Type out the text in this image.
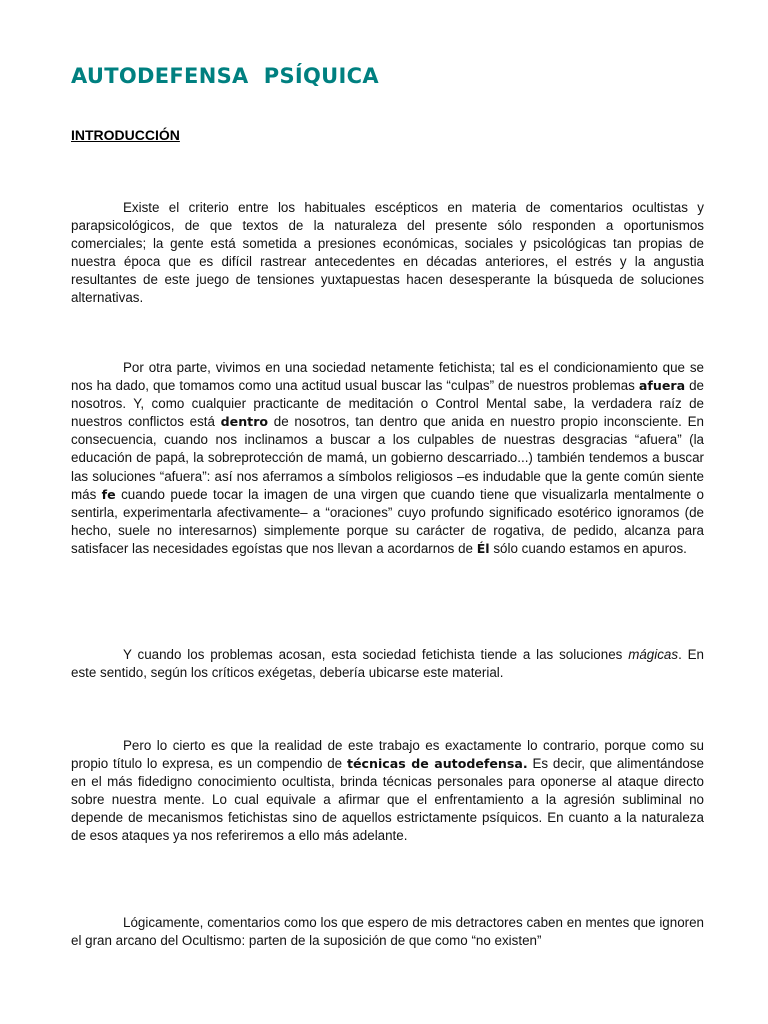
AUTODEFENSA  PSÍQUICA
INTRODUCCIÓN

Existe el criterio entre los habituales escépticos en materia de comentarios ocultistas y parapsicológicos, de que textos de la naturaleza del presente sólo responden a oportunismos comerciales; la gente está sometida a presiones económicas, sociales y psicológicas tan propias de nuestra época que es difícil rastrear antecedentes en décadas anteriores, el estrés y la angustia resultantes de este juego de tensiones yuxtapuestas hacen desesperante la búsqueda de soluciones alternativas.

Por otra parte, vivimos en una sociedad netamente fetichista; tal es el condicionamiento que se nos ha dado, que tomamos como una actitud usual buscar las “culpas” de nuestros problemas afuera de nosotros. Y, como cualquier practicante de meditación o Control Mental sabe, la verdadera raíz de nuestros conflictos está dentro de nosotros, tan dentro que anida en nuestro propio inconsciente. En consecuencia, cuando nos inclinamos a buscar a los culpables de nuestras desgracias “afuera” (la educación de papá, la sobreprotección de mamá, un gobierno descarriado...) también tendemos a buscar las soluciones “afuera”: así nos aferramos a símbolos religiosos –es indudable que la gente común siente más fe cuando puede tocar la imagen de una virgen que cuando tiene que visualizarla mentalmente o sentirla, experimentarla afectivamente– a “oraciones” cuyo profundo significado esotérico ignoramos (de hecho, suele no interesarnos) simplemente porque su carácter de rogativa, de pedido, alcanza para satisfacer las necesidades egoístas que nos llevan a acordarnos de Él sólo cuando estamos en apuros.

Y cuando los problemas acosan, esta sociedad fetichista tiende a las soluciones mágicas. En este sentido, según los críticos exégetas, debería ubicarse este material.

Pero lo cierto es que la realidad de este trabajo es exactamente lo contrario, porque como su propio título lo expresa, es un compendio de técnicas de autodefensa. Es decir, que alimentándose en el más fidedigno conocimiento ocultista, brinda técnicas personales para oponerse al ataque directo sobre nuestra mente. Lo cual equivale a afirmar que el enfrentamiento a la agresión subliminal no depende de mecanismos fetichistas sino de aquellos estrictamente psíquicos. En cuanto a la naturaleza de esos ataques ya nos referiremos a ello más adelante.

Lógicamente, comentarios como los que espero de mis detractores caben en mentes que ignoren el gran arcano del Ocultismo: parten de la suposición de que como “no existen”
